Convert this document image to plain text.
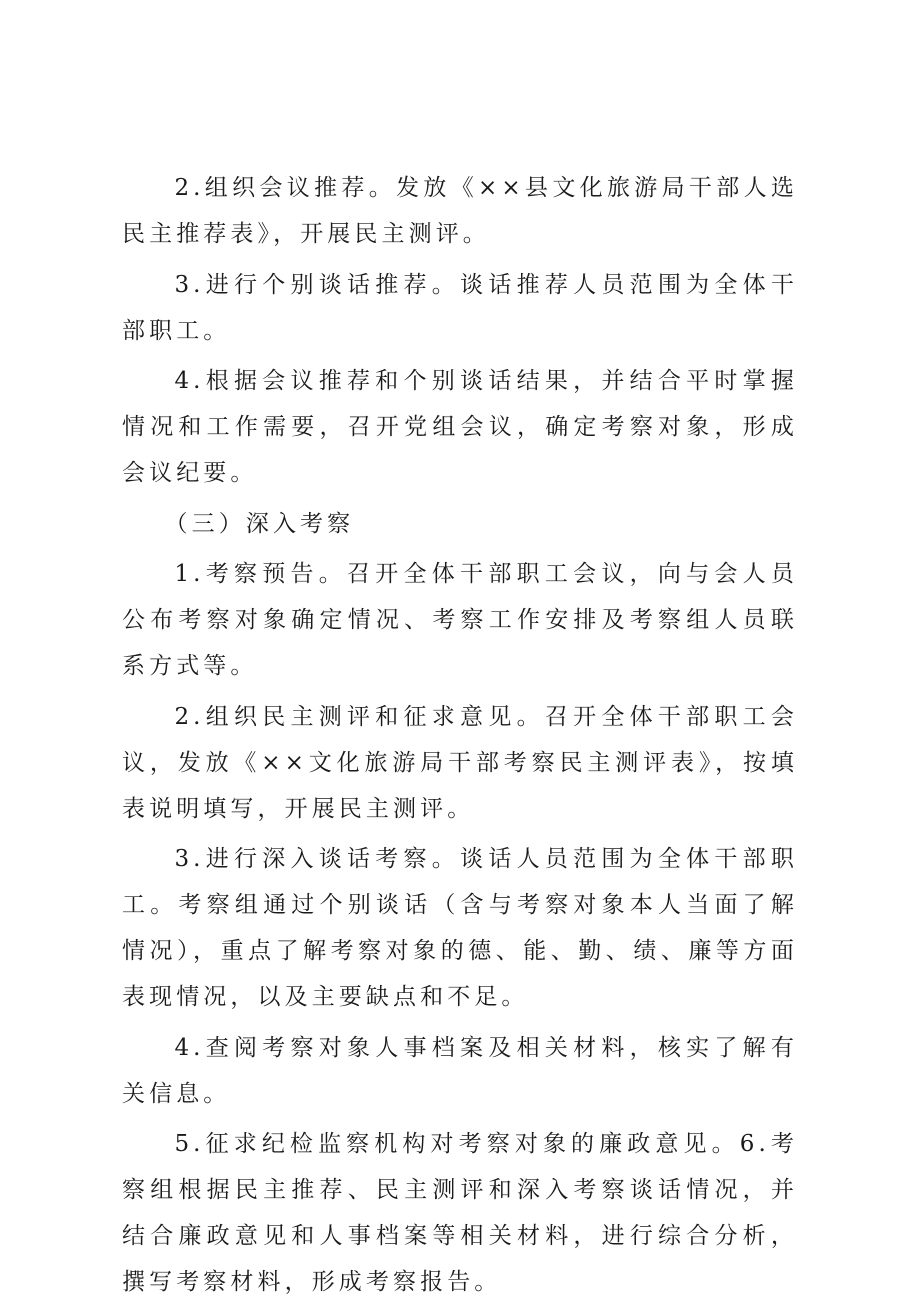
2.组织会议推荐。发放《××县文化旅游局干部人选民主推荐表》，开展民主测评。

3.进行个别谈话推荐。谈话推荐人员范围为全体干部职工。

4.根据会议推荐和个别谈话结果，并结合平时掌握情况和工作需要，召开党组会议，确定考察对象，形成会议纪要。

（三）深入考察

1.考察预告。召开全体干部职工会议，向与会人员公布考察对象确定情况、考察工作安排及考察组人员联系方式等。

2.组织民主测评和征求意见。召开全体干部职工会议，发放《××文化旅游局干部考察民主测评表》，按填表说明填写，开展民主测评。

3.进行深入谈话考察。谈话人员范围为全体干部职工。考察组通过个别谈话（含与考察对象本人当面了解情况），重点了解考察对象的德、能、勤、绩、廉等方面表现情况，以及主要缺点和不足。

4.查阅考察对象人事档案及相关材料，核实了解有关信息。

5.征求纪检监察机构对考察对象的廉政意见。6.考察组根据民主推荐、民主测评和深入考察谈话情况，并结合廉政意见和人事档案等相关材料，进行综合分析，撰写考察材料，形成考察报告。
